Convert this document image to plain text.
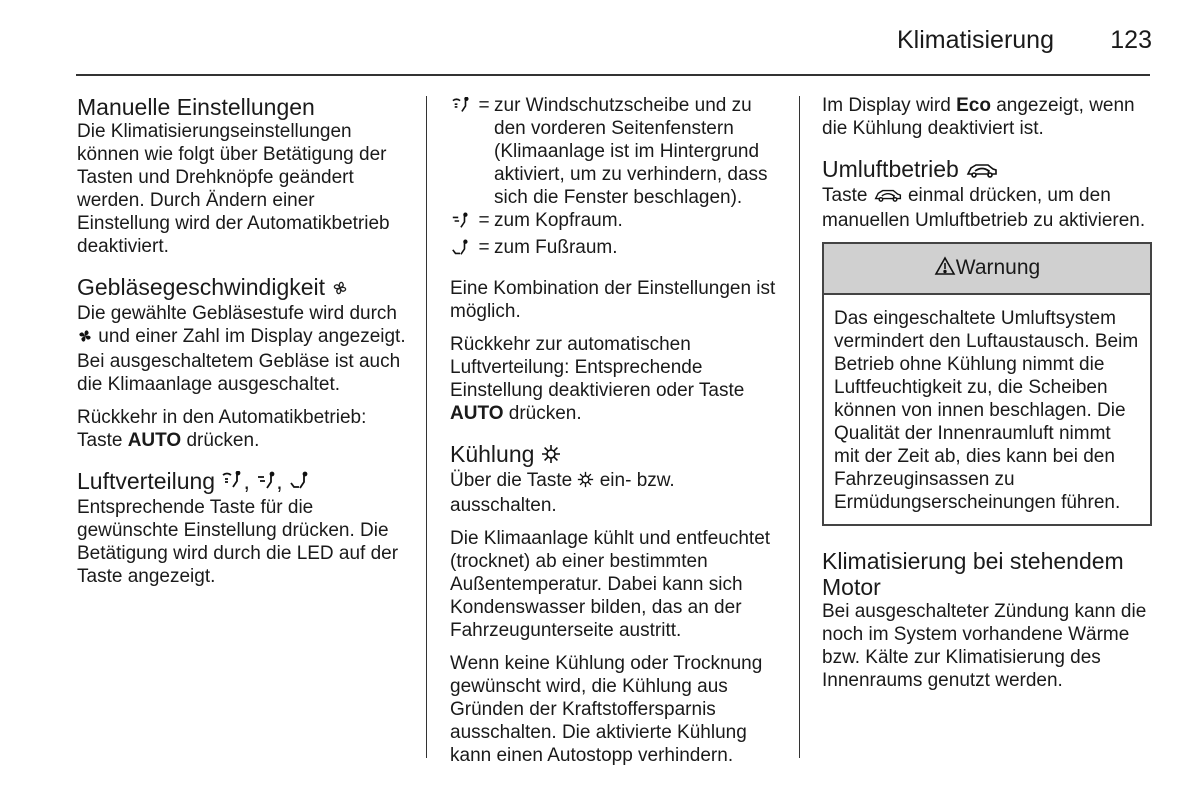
Klimatisierung 123
Manuelle Einstellungen

Die Klimatisierungseinstellungen können wie folgt über Betätigung der Tasten und Drehknöpfe geändert werden. Durch Ändern einer Einstellung wird der Automatikbetrieb deaktiviert.

Gebläsegeschwindigkeit

Die gewählte Gebläsestufe wird durch  und einer Zahl im Display angezeigt. Bei ausgeschaltetem Gebläse ist auch die Klimaanlage ausgeschaltet.

Rückkehr in den Automatikbetrieb: Taste AUTO drücken.

Luftverteilung , ,

Entsprechende Taste für die gewünschte Einstellung drücken. Die Betätigung wird durch die LED auf der Taste angezeigt.

= zur Windschutzscheibe und zu den vorderen Seitenfenstern (Klimaanlage ist im Hintergrund aktiviert, um zu verhindern, dass sich die Fenster beschlagen).
= zum Kopfraum.
= zum Fußraum.

Eine Kombination der Einstellungen ist möglich.

Rückkehr zur automatischen Luftverteilung: Entsprechende Einstellung deaktivieren oder Taste AUTO drücken.

Kühlung

Über die Taste ein- bzw. ausschalten.

Die Klimaanlage kühlt und entfeuchtet (trocknet) ab einer bestimmten Außentemperatur. Dabei kann sich Kondenswasser bilden, das an der Fahrzeugunterseite austritt.

Wenn keine Kühlung oder Trocknung gewünscht wird, die Kühlung aus Gründen der Kraftstoffersparnis ausschalten. Die aktivierte Kühlung kann einen Autostopp verhindern.

Im Display wird Eco angezeigt, wenn die Kühlung deaktiviert ist.

Umluftbetrieb

Taste einmal drücken, um den manuellen Umluftbetrieb zu aktivieren.

Warnung
Das eingeschaltete Umluftsystem vermindert den Luftaustausch. Beim Betrieb ohne Kühlung nimmt die Luftfeuchtigkeit zu, die Scheiben können von innen beschlagen. Die Qualität der Innenraumluft nimmt mit der Zeit ab, dies kann bei den Fahrzeuginsassen zu Ermüdungserscheinungen führen.
Klimatisierung bei stehendem Motor

Bei ausgeschalteter Zündung kann die noch im System vorhandene Wärme bzw. Kälte zur Klimatisierung des Innenraums genutzt werden.
